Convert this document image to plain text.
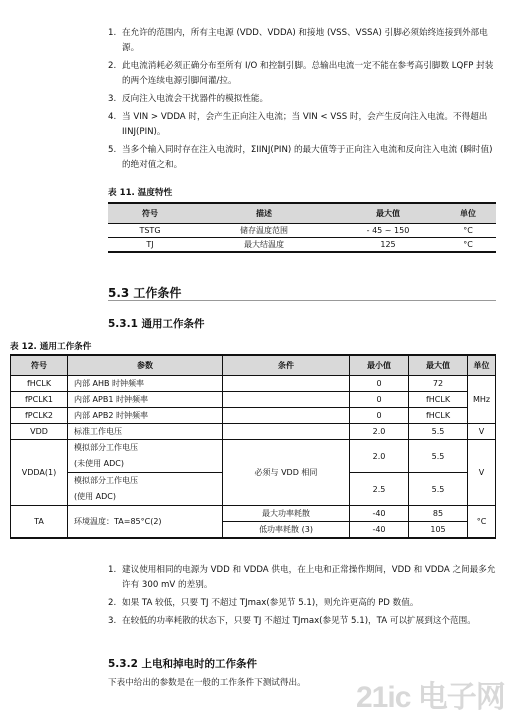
1. 在允许的范围内，所有主电源 (VDD、VDDA) 和接地 (VSS、VSSA) 引脚必须始终连接到外部电源。
2. 此电流消耗必须正确分布至所有 I/O 和控制引脚。总输出电流一定不能在参考高引脚数 LQFP 封装的两个连续电源引脚间灌/拉。
3. 反向注入电流会干扰器件的模拟性能。
4. 当 VIN > VDDA 时，会产生正向注入电流；当 VIN < VSS 时，会产生反向注入电流。不得超出 IINJ(PIN)。
5. 当多个输入同时存在注入电流时，ΣIINJ(PIN) 的最大值等于正向注入电流和反向注入电流 (瞬时值) 的绝对值之和。
表 11. 温度特性
符号	描述	最大值	单位
TSTG	储存温度范围	- 45 ~ 150	°C
TJ	最大结温度	125	°C
5.3 工作条件
5.3.1 通用工作条件
表 12. 通用工作条件
符号	参数	条件	最小值	最大值	单位
fHCLK	内部 AHB 时钟频率		0	72	MHz
fPCLK1	内部 APB1 时钟频率		0	fHCLK	
fPCLK2	内部 APB2 时钟频率		0	fHCLK	
VDD	标准工作电压		2.0	5.5	V
VDDA(1)	模拟部分工作电压
(未使用 ADC)	必须与 VDD 相同	2.0	5.5	V

	模拟部分工作电压
(使用 ADC)		2.5	5.5	
TA	环境温度：TA=85°C(2)	最大功率耗散	-40	85	°C
		低功率耗散 (3)	-40	105	
1. 建议使用相同的电源为 VDD 和 VDDA 供电，在上电和正常操作期间，VDD 和 VDDA 之间最多允许有 300 mV 的差别。
2. 如果 TA 较低，只要 TJ 不超过 TJmax(参见节 5.1)，则允许更高的 PD 数值。
3. 在较低的功率耗散的状态下，只要 TJ 不超过 TJmax(参见节 5.1)，TA 可以扩展到这个范围。
5.3.2 上电和掉电时的工作条件
下表中给出的参数是在一般的工作条件下测试得出。 21ic 电子网
